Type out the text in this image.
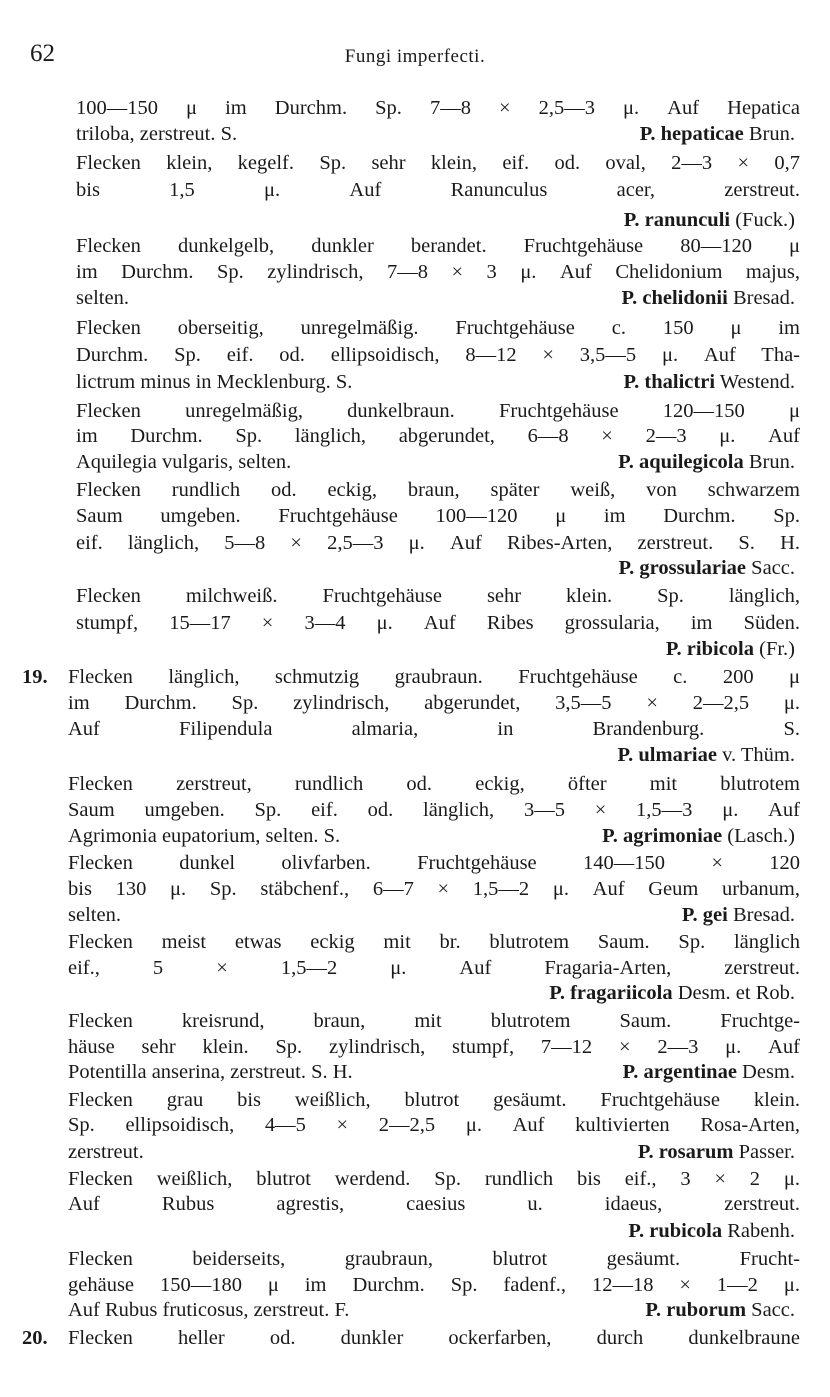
62	Fungi imperfecti.
100—150 μ im Durchm. Sp. 7—8 × 2,5—3 μ. Auf Hepatica
triloba, zerstreut. S.	P. hepaticae Brun.
Flecken klein, kegelf. Sp. sehr klein, eif. od. oval, 2—3 × 0,7
bis 1,5 μ. Auf Ranunculus acer, zerstreut.
P. ranunculi (Fuck.)
Flecken dunkelgelb, dunkler berandet. Fruchtgehäuse 80—120 μ
im Durchm. Sp. zylindrisch, 7—8 × 3 μ. Auf Chelidonium majus,
selten.	P. chelidonii Bresad.
Flecken oberseitig, unregelmäßig. Fruchtgehäuse c. 150 μ im
Durchm. Sp. eif. od. ellipsoidisch, 8—12 × 3,5—5 μ. Auf Tha-
lictrum minus in Mecklenburg. S.	P. thalictri Westend.
Flecken unregelmäßig, dunkelbraun. Fruchtgehäuse 120—150 μ
im Durchm. Sp. länglich, abgerundet, 6—8 × 2—3 μ. Auf
Aquilegia vulgaris, selten.	P. aquilegicola Brun.
Flecken rundlich od. eckig, braun, später weiß, von schwarzem
Saum umgeben. Fruchtgehäuse 100—120 μ im Durchm. Sp.
eif. länglich, 5—8 × 2,5—3 μ. Auf Ribes-Arten, zerstreut. S. H.
P. grossulariae Sacc.
Flecken milchweiß. Fruchtgehäuse sehr klein. Sp. länglich,
stumpf, 15—17 × 3—4 μ. Auf Ribes grossularia, im Süden.
P. ribicola (Fr.)
19. Flecken länglich, schmutzig graubraun. Fruchtgehäuse c. 200 μ
im Durchm. Sp. zylindrisch, abgerundet, 3,5—5 × 2—2,5 μ.
Auf Filipendula almaria, in Brandenburg. S.
P. ulmariae v. Thüm.
Flecken zerstreut, rundlich od. eckig, öfter mit blutrotem
Saum umgeben. Sp. eif. od. länglich, 3—5 × 1,5—3 μ. Auf
Agrimonia eupatorium, selten. S.	P. agrimoniae (Lasch.)
Flecken dunkel olivfarben. Fruchtgehäuse 140—150 × 120
bis 130 μ. Sp. stäbchenf., 6—7 × 1,5—2 μ. Auf Geum urbanum,
selten.	P. gei Bresad.
Flecken meist etwas eckig mit br. blutrotem Saum. Sp. länglich
eif., 5 × 1,5—2 μ. Auf Fragaria-Arten, zerstreut.
P. fragariicola Desm. et Rob.
Flecken kreisrund, braun, mit blutrotem Saum. Fruchtge-
häuse sehr klein. Sp. zylindrisch, stumpf, 7—12 × 2—3 μ. Auf
Potentilla anserina, zerstreut. S. H.	P. argentinae Desm.
Flecken grau bis weißlich, blutrot gesäumt. Fruchtgehäuse klein.
Sp. ellipsoidisch, 4—5 × 2—2,5 μ. Auf kultivierten Rosa-Arten,
zerstreut.	P. rosarum Passer.
Flecken weißlich, blutrot werdend. Sp. rundlich bis eif., 3 × 2 μ.
Auf Rubus agrestis, caesius u. idaeus, zerstreut.
P. rubicola Rabenh.
Flecken beiderseits, graubraun, blutrot gesäumt. Frucht-
gehäuse 150—180 μ im Durchm. Sp. fadenf., 12—18 × 1—2 μ.
Auf Rubus fruticosus, zerstreut. F.	P. ruborum Sacc.
20. Flecken heller od. dunkler ockerfarben, durch dunkelbraune
